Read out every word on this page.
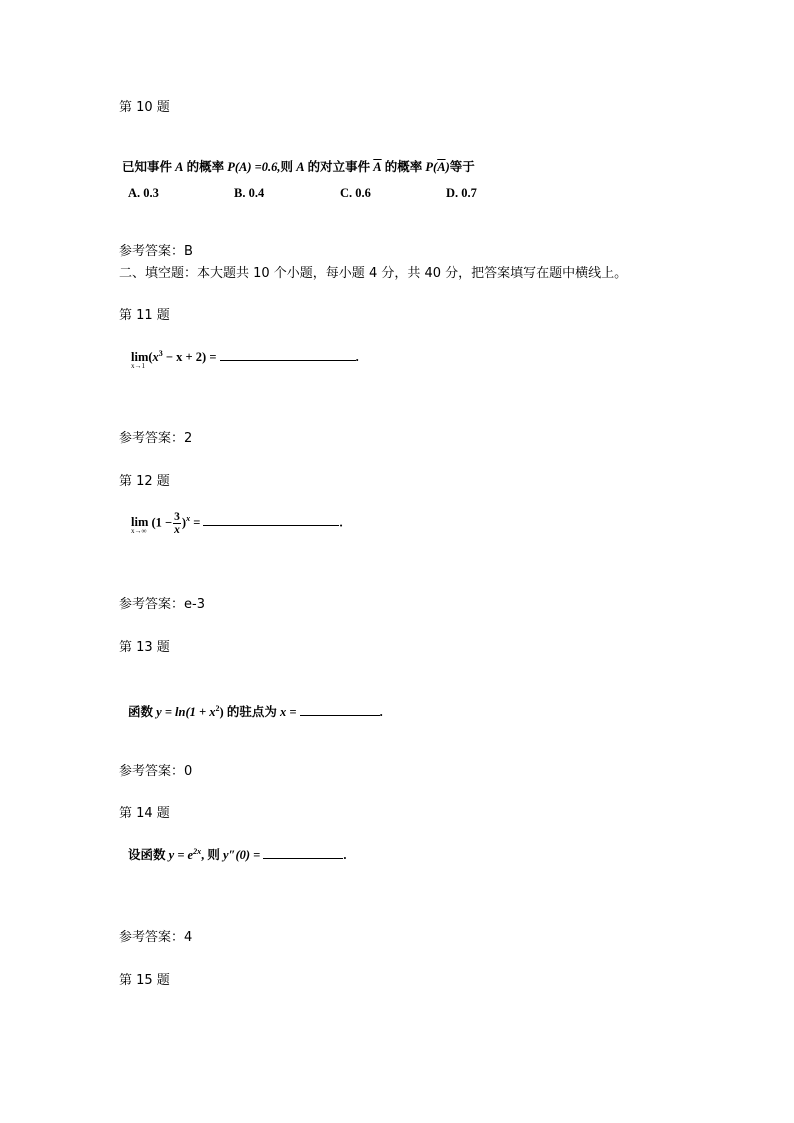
第 10 题
已知事件 A 的概率 P(A) =0.6,则 A 的对立事件 $\overline{A}$ 的概率 $P(\overline{A})$等于
A. 0.3	B. 0.4	C. 0.6	D. 0.7
参考答案：B
二、填空题：本大题共 10 个小题，每小题 4 分，共 40 分，把答案填写在题中横线上。
第 11 题
lim
x→1
$(x^3 - x + 2)$ =	.
参考答案：2
第 12 题
lim
x→∞
$(1 - \frac{3}{x} )^x$ =	.
参考答案：e-3
第 13 题
函数 $y = \ln(1 + x^2)$ 的驻点为 x =	.
参考答案：0
第 14 题
设函数 $y = e^{2x}$, 则 y″(0) =	.
参考答案：4
第 15 题
